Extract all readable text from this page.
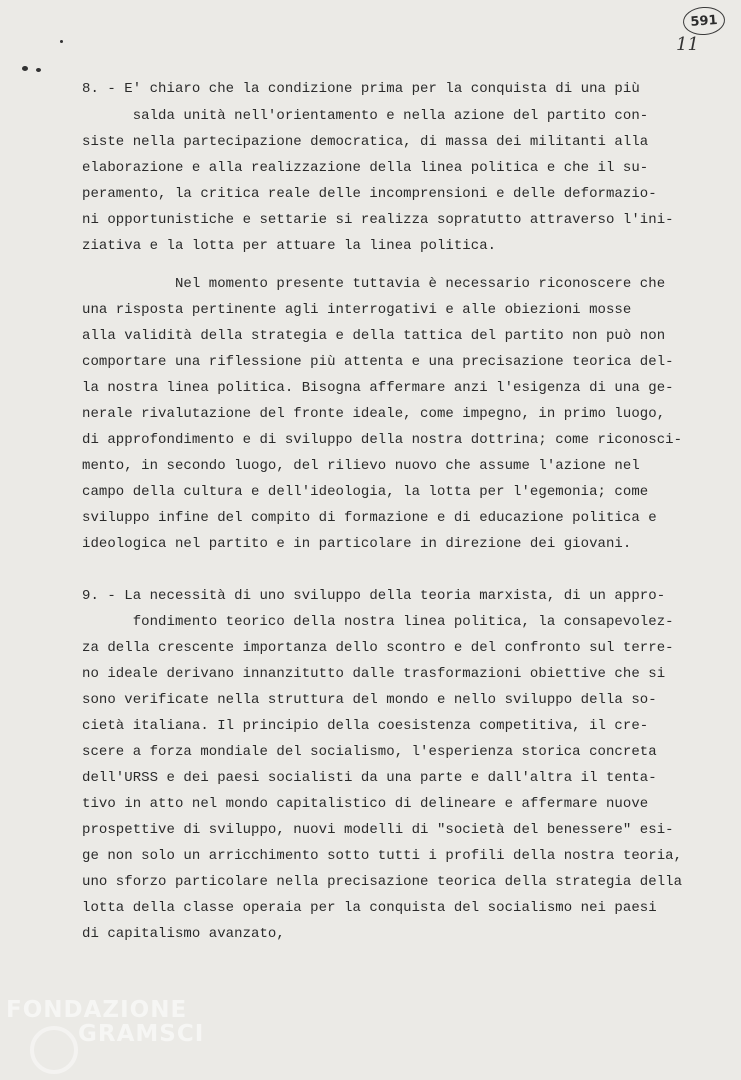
591
11
8. - E' chiaro che la condizione prima per la conquista di una più
salda unità nell'orientamento e nella azione del partito con-
siste nella partecipazione democratica, di massa dei militanti alla
elaborazione e alla realizzazione della linea politica e che il su-
peramento, la critica reale delle incomprensioni e delle deformazio-
ni opportunistiche e settarie si realizza sopratutto attraverso l'ini-
ziativa e la lotta per attuare la linea politica.
Nel momento presente tuttavia è necessario riconoscere che
una risposta pertinente agli interrogativi e alle obiezioni mosse
alla validità della strategia e della tattica del partito non può non
comportare una riflessione più attenta e una precisazione teorica del-
la nostra linea politica. Bisogna affermare anzi l'esigenza di una ge-
nerale rivalutazione del fronte ideale, come impegno, in primo luogo,
di approfondimento e di sviluppo della nostra dottrina; come riconosci-
mento, in secondo luogo, del rilievo nuovo che assume l'azione nel
campo della cultura e dell'ideologia, la lotta per l'egemonia; come
sviluppo infine del compito di formazione e di educazione politica e
ideologica nel partito e in particolare in direzione dei giovani.
9. - La necessità di uno sviluppo della teoria marxista, di un appro-
fondimento teorico della nostra linea politica, la consapevolez-
za della crescente importanza dello scontro e del confronto sul terre-
no ideale derivano innanzitutto dalle trasformazioni obiettive che si
sono verificate nella struttura del mondo e nello sviluppo della so-
cietà italiana. Il principio della coesistenza competitiva, il cre-
scere a forza mondiale del socialismo, l'esperienza storica concreta
dell'URSS e dei paesi socialisti da una parte e dall'altra il tenta-
tivo in atto nel mondo capitalistico di delineare e affermare nuove
prospettive di sviluppo, nuovi modelli di "società del benessere" esi-
ge non solo un arricchimento sotto tutti i profili della nostra teoria,
uno sforzo particolare nella precisazione teorica della strategia della
lotta della classe operaia per la conquista del socialismo nei paesi
di capitalismo avanzato,
FONDAZIONE
GRAMSCI
